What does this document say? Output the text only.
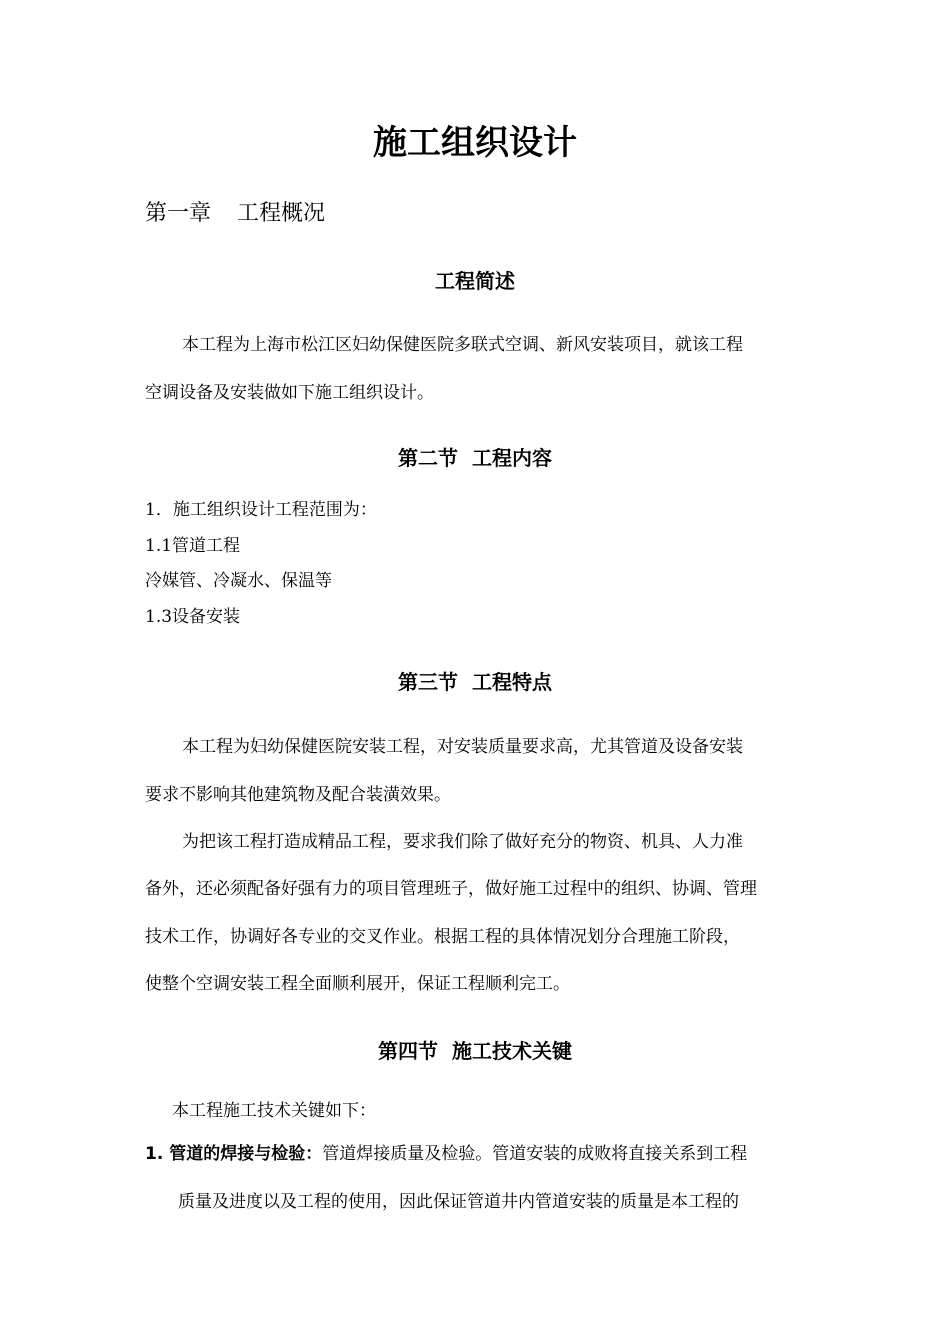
施工组织设计
第一章 工程概况
工程简述
本工程为上海市松江区妇幼保健医院多联式空调、新风安装项目，就该工程
空调设备及安装做如下施工组织设计。
第二节 工程内容
1．施工组织设计工程范围为：
1.1管道工程
冷媒管、冷凝水、保温等
1.3设备安装
第三节 工程特点
本工程为妇幼保健医院安装工程，对安装质量要求高，尤其管道及设备安装
要求不影响其他建筑物及配合装潢效果。
为把该工程打造成精品工程，要求我们除了做好充分的物资、机具、人力准
备外，还必须配备好强有力的项目管理班子，做好施工过程中的组织、协调、管理
技术工作，协调好各专业的交叉作业。根据工程的具体情况划分合理施工阶段，
使整个空调安装工程全面顺利展开，保证工程顺利完工。
第四节 施工技术关键
本工程施工技术关键如下：
1. 管道的焊接与检验：管道焊接质量及检验。管道安装的成败将直接关系到工程
质量及进度以及工程的使用，因此保证管道井内管道安装的质量是本工程的
